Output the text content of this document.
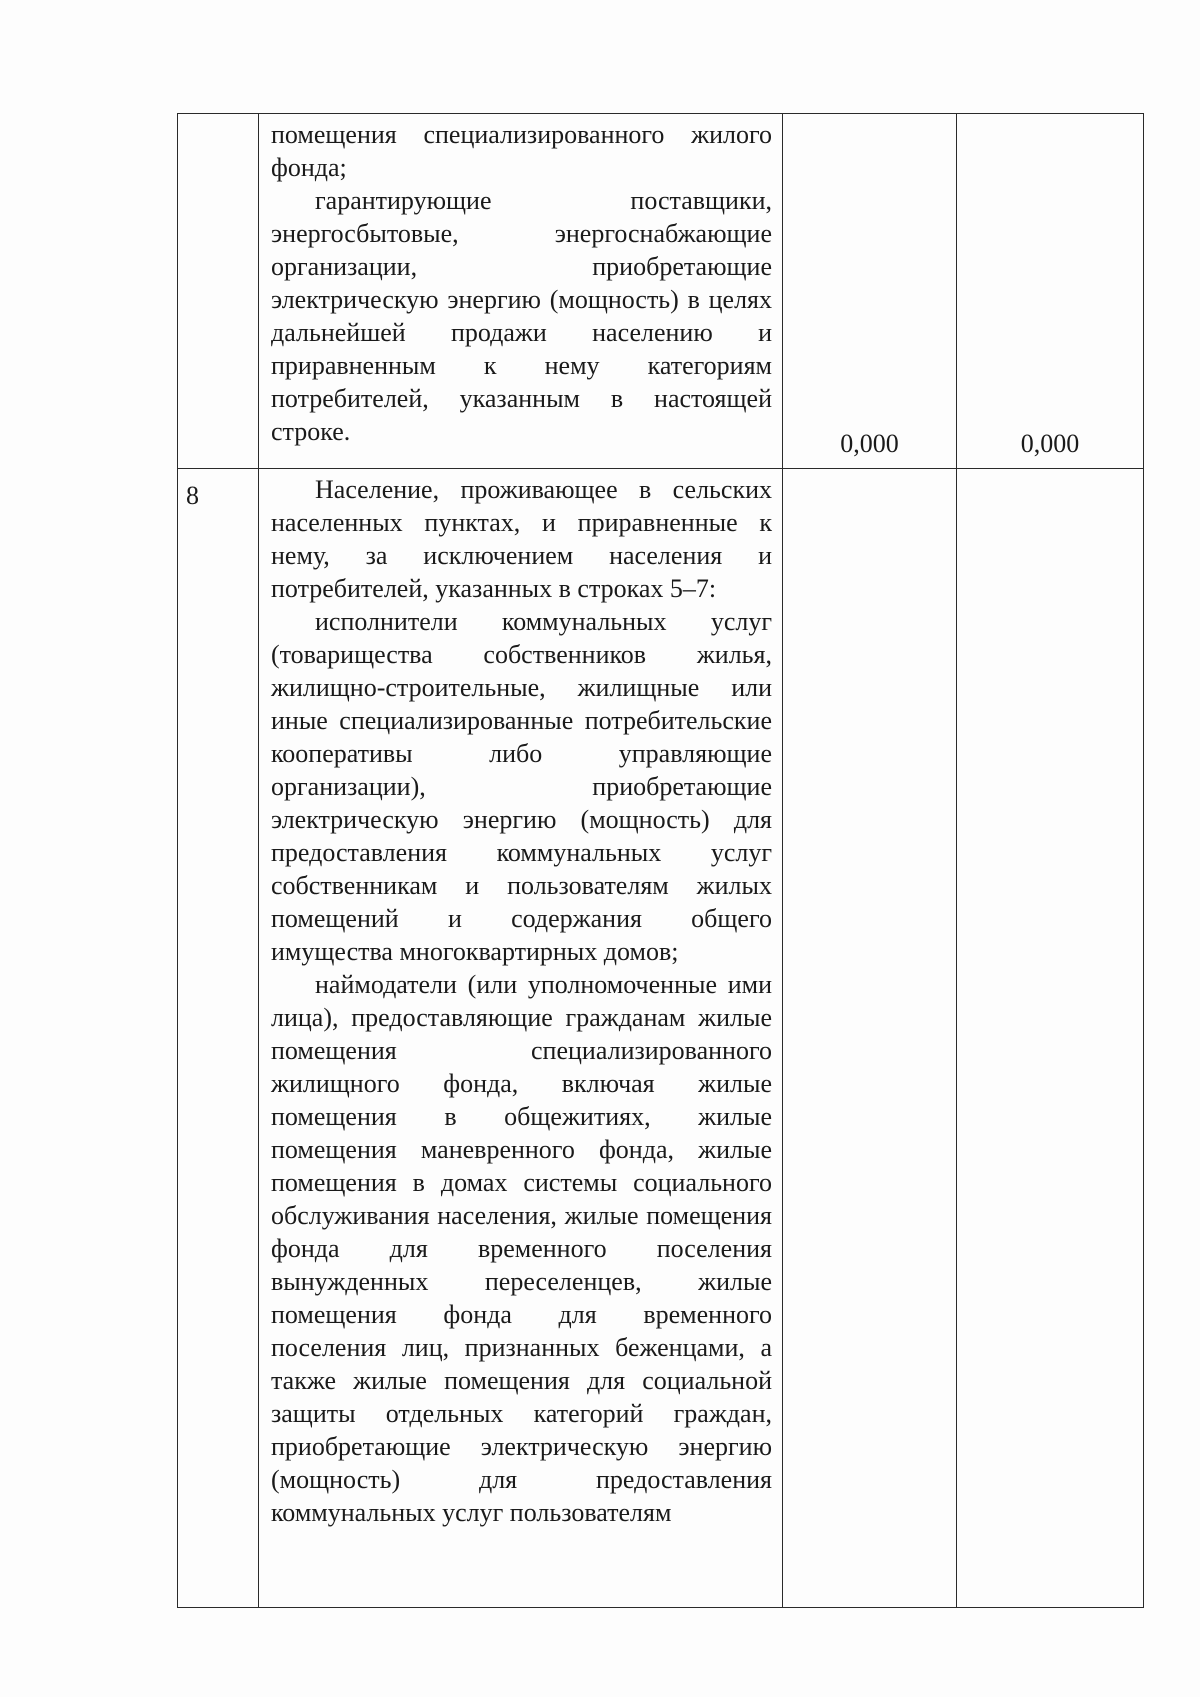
	помещения специализированного жилого фонда;

гарантирующие поставщики, энергосбытовые, энергоснабжающие организации, приобретающие электрическую энергию (мощность) в целях дальнейшей продажи населению и приравненным к нему категориям потребителей, указанным в настоящей строке.	0,000	0,000

8	Население, проживающее в сельских населенных пунктах, и приравненные к нему, за исключением населения и потребителей, указанных в строках 5–7:

исполнители коммунальных услуг (товарищества собственников жилья, жилищно-строительные, жилищные или иные специализированные потребительские кооперативы либо управляющие организации), приобретающие электрическую энергию (мощность) для предоставления коммунальных услуг собственникам и пользователям жилых помещений и содержания общего имущества многоквартирных домов;

наймодатели (или уполномоченные ими лица), предоставляющие гражданам жилые помещения специализированного жилищного фонда, включая жилые помещения в общежитиях, жилые помещения маневренного фонда, жилые помещения в домах системы социального обслуживания населения, жилые помещения фонда для временного поселения вынужденных переселенцев, жилые помещения фонда для временного поселения лиц, признанных беженцами, а также жилые помещения для социальной защиты отдельных категорий граждан, приобретающие электрическую энергию (мощность) для предоставления коммунальных услуг пользователям		
